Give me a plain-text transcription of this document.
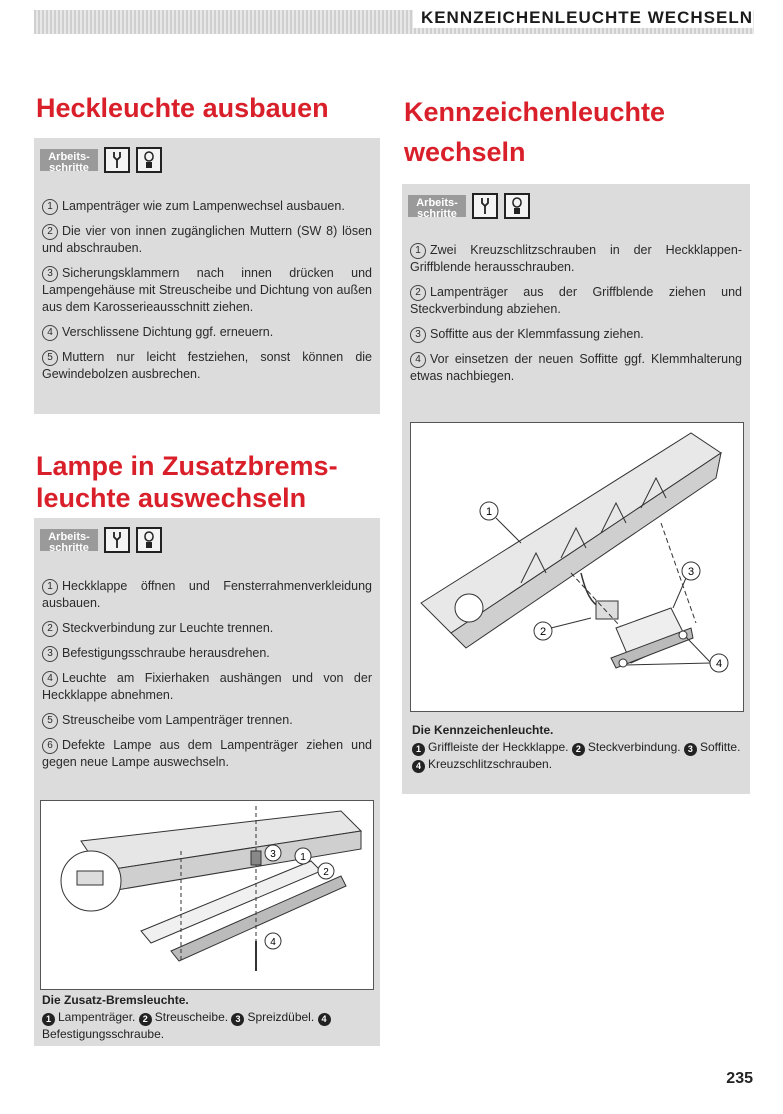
KENNZEICHENLEUCHTE WECHSELN
Heckleuchte ausbauen
Arbeits-schritte

1 Lampenträger wie zum Lampenwechsel ausbauen.

2 Die vier von innen zugänglichen Muttern (SW 8) lösen und abschrauben.

3 Sicherungsklammern nach innen drücken und Lampengehäuse mit Streuscheibe und Dichtung von außen aus dem Karosserieausschnitt ziehen.

4 Verschlissene Dichtung ggf. erneuern.

5 Muttern nur leicht festziehen, sonst können die Gewindebolzen ausbrechen.

Lampe in Zusatzbrems-
leuchte auswechseln
Arbeits-schritte

1 Heckklappe öffnen und Fensterrahmenverkleidung ausbauen.

2 Steckverbindung zur Leuchte trennen.

3 Befestigungsschraube herausdrehen.

4 Leuchte am Fixierhaken aushängen und von der Heckklappe abnehmen.

5 Streuscheibe vom Lampenträger trennen.

6 Defekte Lampe aus dem Lampenträger ziehen und gegen neue Lampe auswechseln.

1
2
3
4
Die Zusatz-Bremsleuchte.
1 Lampenträger. 2 Streuscheibe. 3 Spreizdübel. 4Befestigungsschraube.
Kennzeichenleuchte
wechseln
Arbeits-schritte

1 Zwei Kreuzschlitzschrauben in der Heckklappen-Griffblende herausschrauben.

2 Lampenträger aus der Griffblende ziehen und Steckverbindung abziehen.

3 Soffitte aus der Klemmfassung ziehen.

4 Vor einsetzen der neuen Soffitte ggf. Klemmhalterung etwas nachbiegen.

1
2
3
4
Die Kennzeichenleuchte.
1 Griffleiste der Heckklappe. 2 Steckverbindung. 3 Soffitte. 4 Kreuzschlitzschrauben.
235
